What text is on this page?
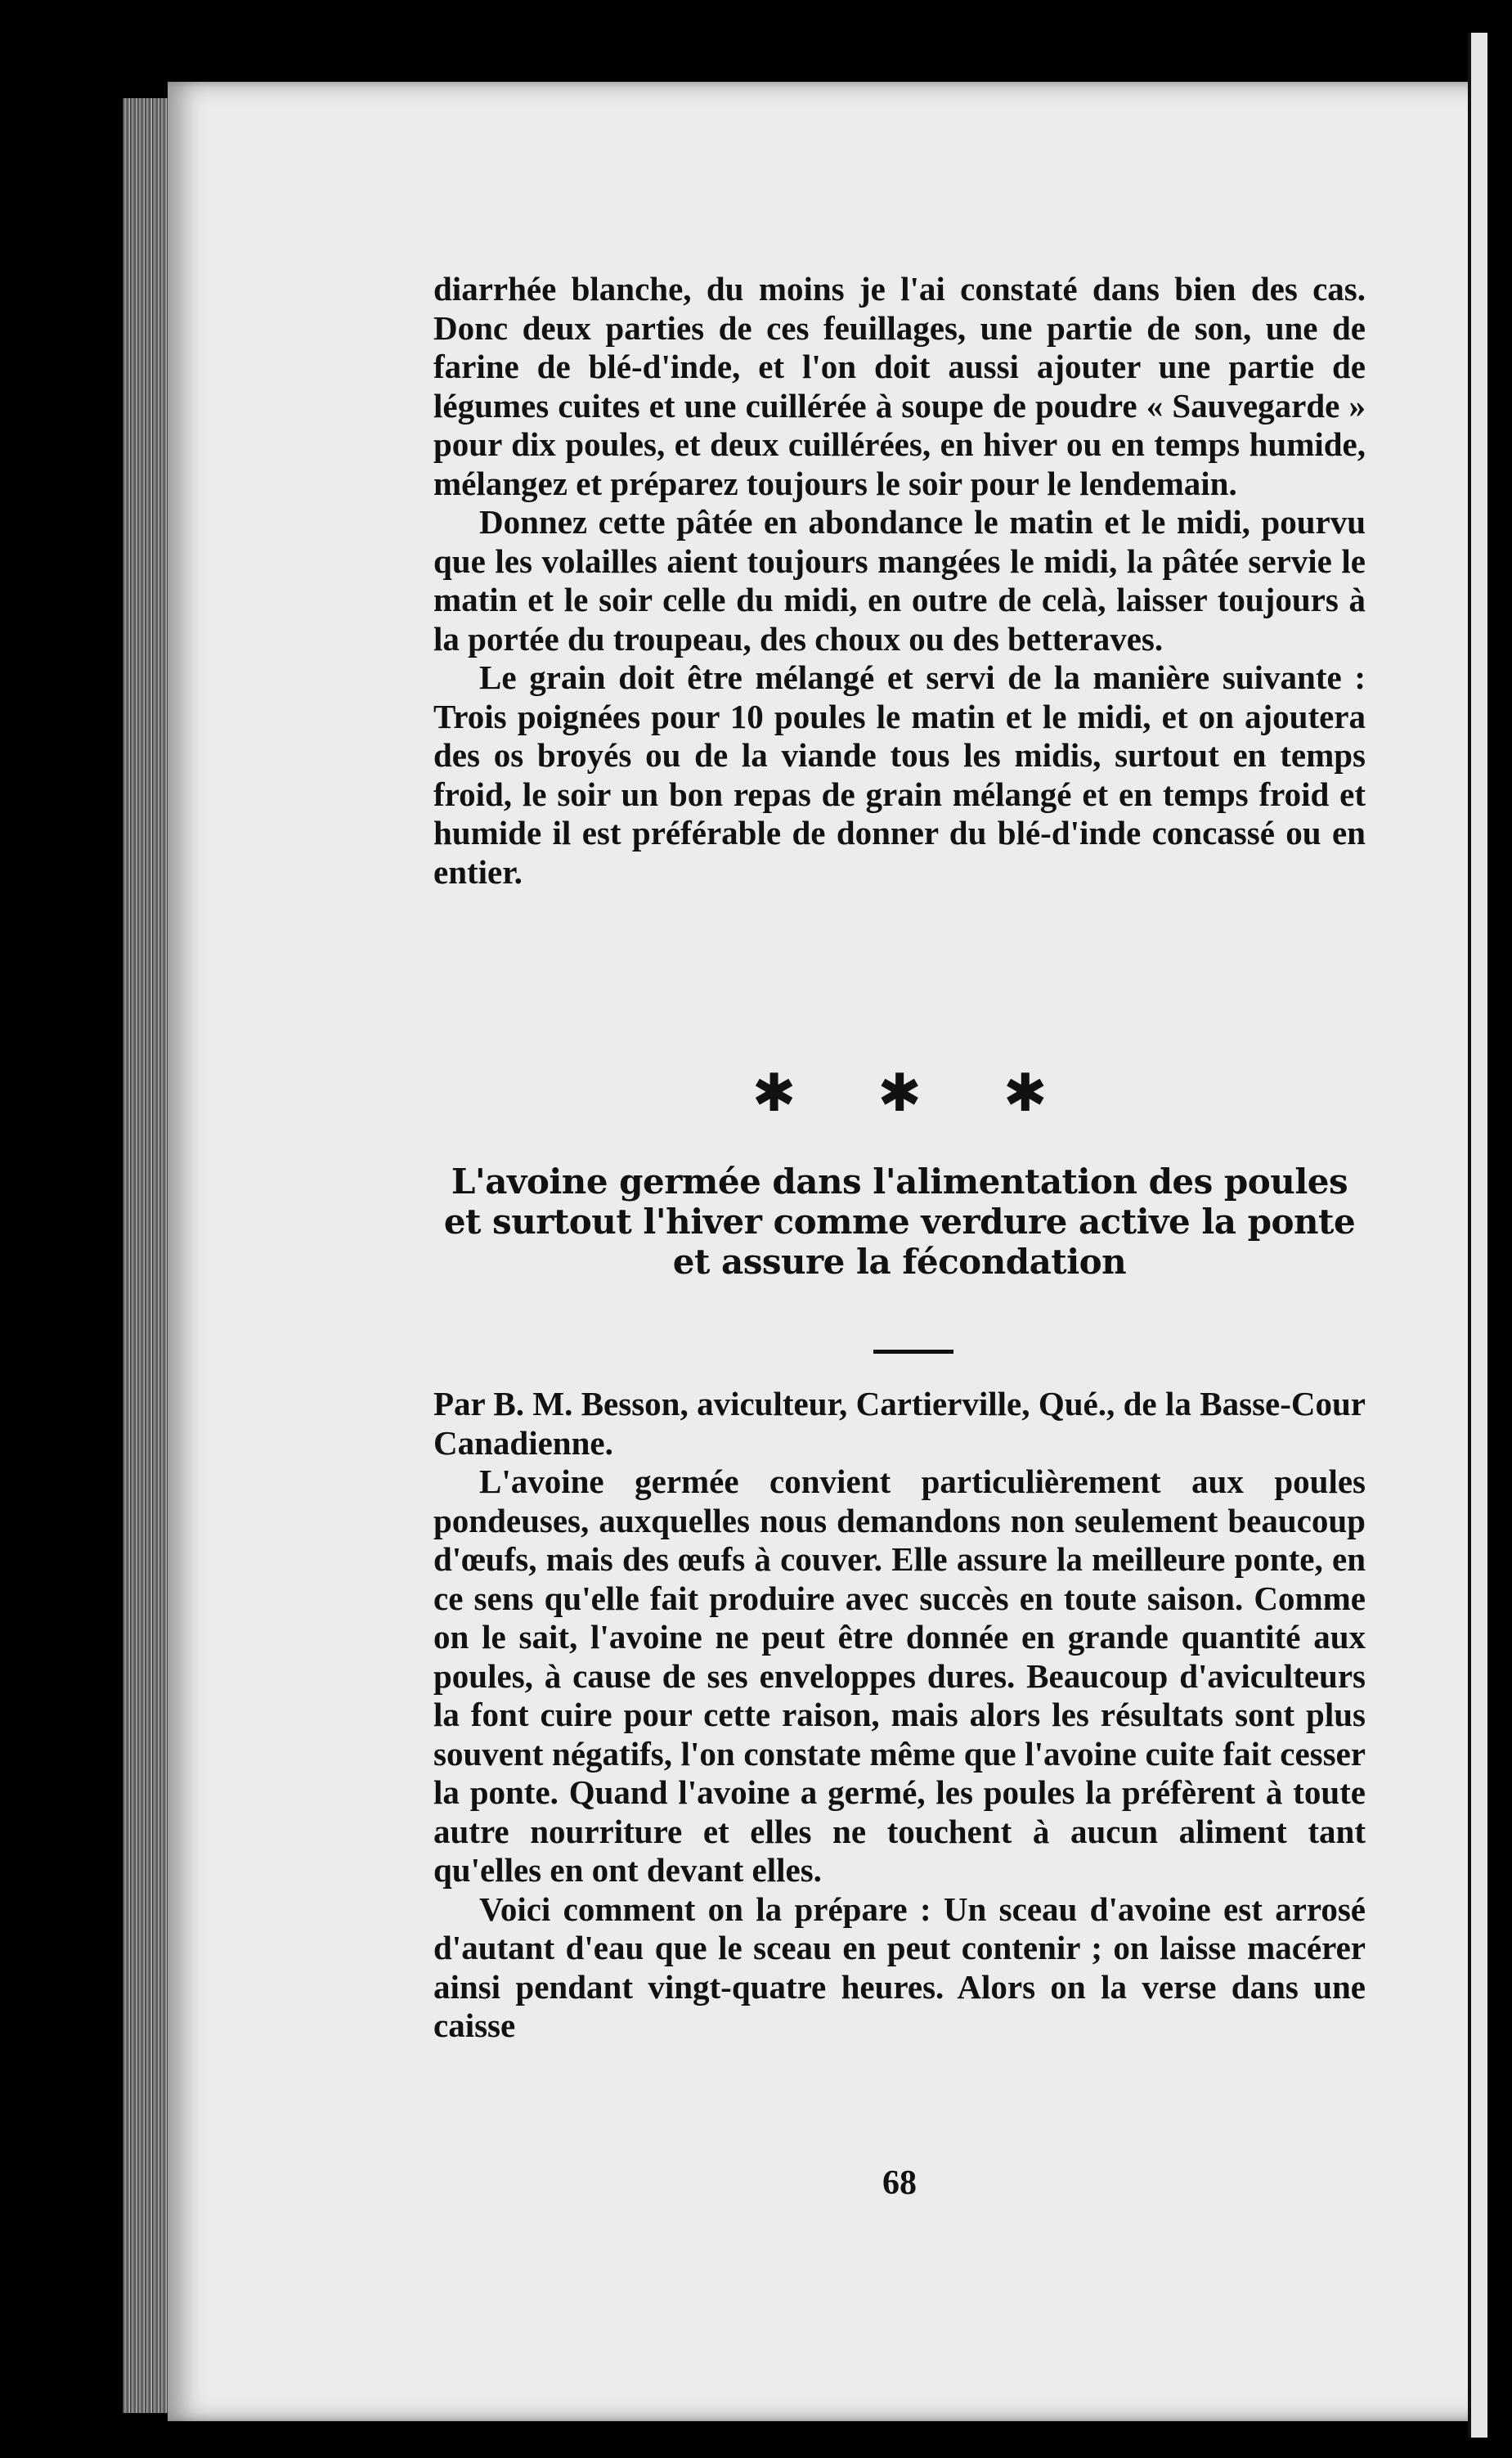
diarrhée blanche, du moins je l'ai constaté dans bien des cas. Donc deux parties de ces feuillages, une partie de son, une de farine de blé-d'inde, et l'on doit aussi ajouter une partie de légumes cuites et une cuillérée à soupe de poudre « Sauvegarde » pour dix poules, et deux cuillérées, en hiver ou en temps humide, mélangez et préparez toujours le soir pour le lendemain.

Donnez cette pâtée en abondance le matin et le midi, pourvu que les volailles aient toujours mangées le midi, la pâtée servie le matin et le soir celle du midi, en outre de celà, laisser toujours à la portée du troupeau, des choux ou des betteraves.

Le grain doit être mélangé et servi de la manière suivante : Trois poignées pour 10 poules le matin et le midi, et on ajoutera des os broyés ou de la viande tous les midis, surtout en temps froid, le soir un bon repas de grain mélangé et en temps froid et humide il est préférable de donner du blé-d'inde concassé ou en entier.

✱ ✱ ✱
L'avoine germée dans l'alimentation des poules et surtout l'hiver comme verdure active la ponte et assure la fécondation

Par B. M. Besson, aviculteur, Cartierville, Qué., de la Basse-Cour Canadienne.

L'avoine germée convient particulièrement aux poules pondeuses, auxquelles nous demandons non seulement beaucoup d'œufs, mais des œufs à couver. Elle assure la meilleure ponte, en ce sens qu'elle fait produire avec succès en toute saison. Comme on le sait, l'avoine ne peut être donnée en grande quantité aux poules, à cause de ses enveloppes dures. Beaucoup d'aviculteurs la font cuire pour cette raison, mais alors les résultats sont plus souvent négatifs, l'on constate même que l'avoine cuite fait cesser la ponte. Quand l'avoine a germé, les poules la préfèrent à toute autre nourriture et elles ne touchent à aucun aliment tant qu'elles en ont devant elles.

Voici comment on la prépare : Un sceau d'avoine est arrosé d'autant d'eau que le sceau en peut contenir ; on laisse macérer ainsi pendant vingt-quatre heures. Alors on la verse dans une caisse

68
